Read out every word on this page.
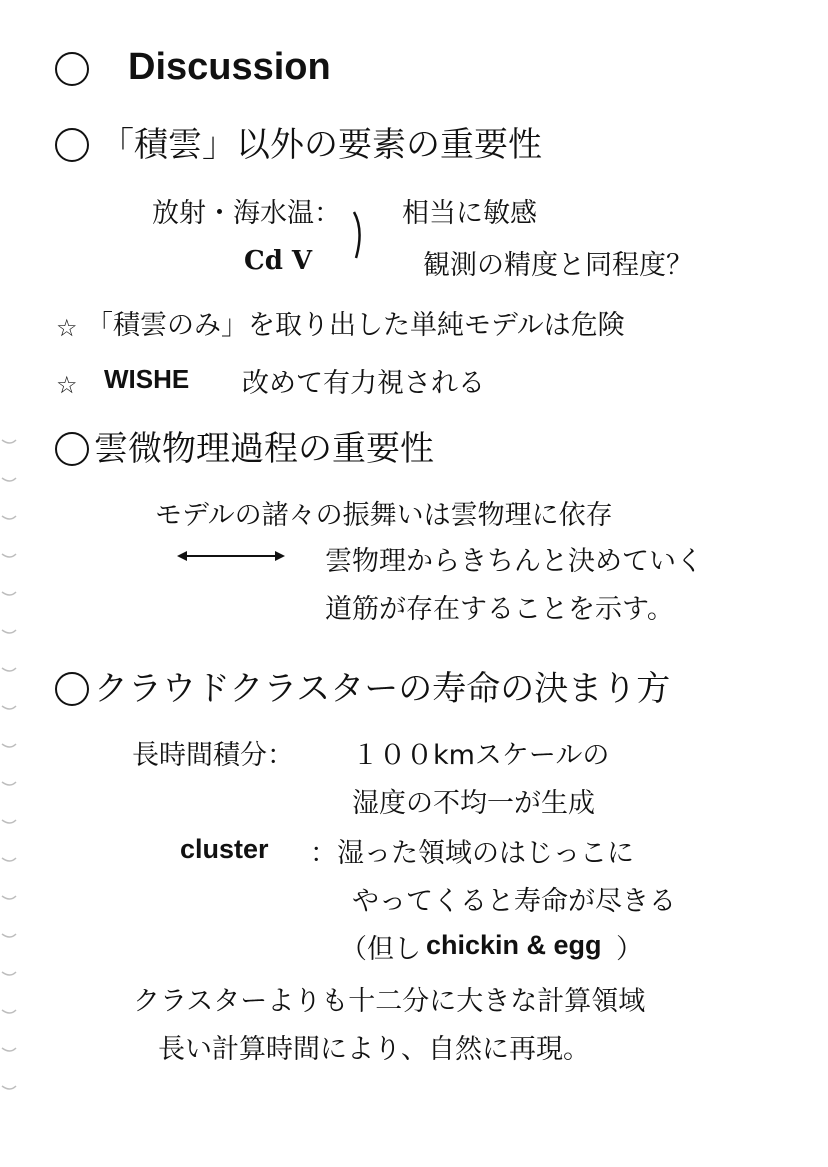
Discussion
「積雲」以外の要素の重要性
放射・海水温： 相当に敏感
Cd V	観測の精度と同程度？
☆ 「積雲のみ」を取り出した単純モデルは危険
☆ WISHE 改めて有力視される
雲微物理過程の重要性
モデルの諸々の振舞いは雲物理に依存
雲物理からきちんと決めていく
道筋が存在することを示す。
クラウドクラスターの寿命の決まり方
長時間積分： １００kmスケールの
湿度の不均一が生成
cluster ：湿った領域のはじっこに
やってくると寿命が尽きる
（但し chickin & egg ）
クラスターよりも十二分に大きな計算領域
長い計算時間により、自然に再現。
